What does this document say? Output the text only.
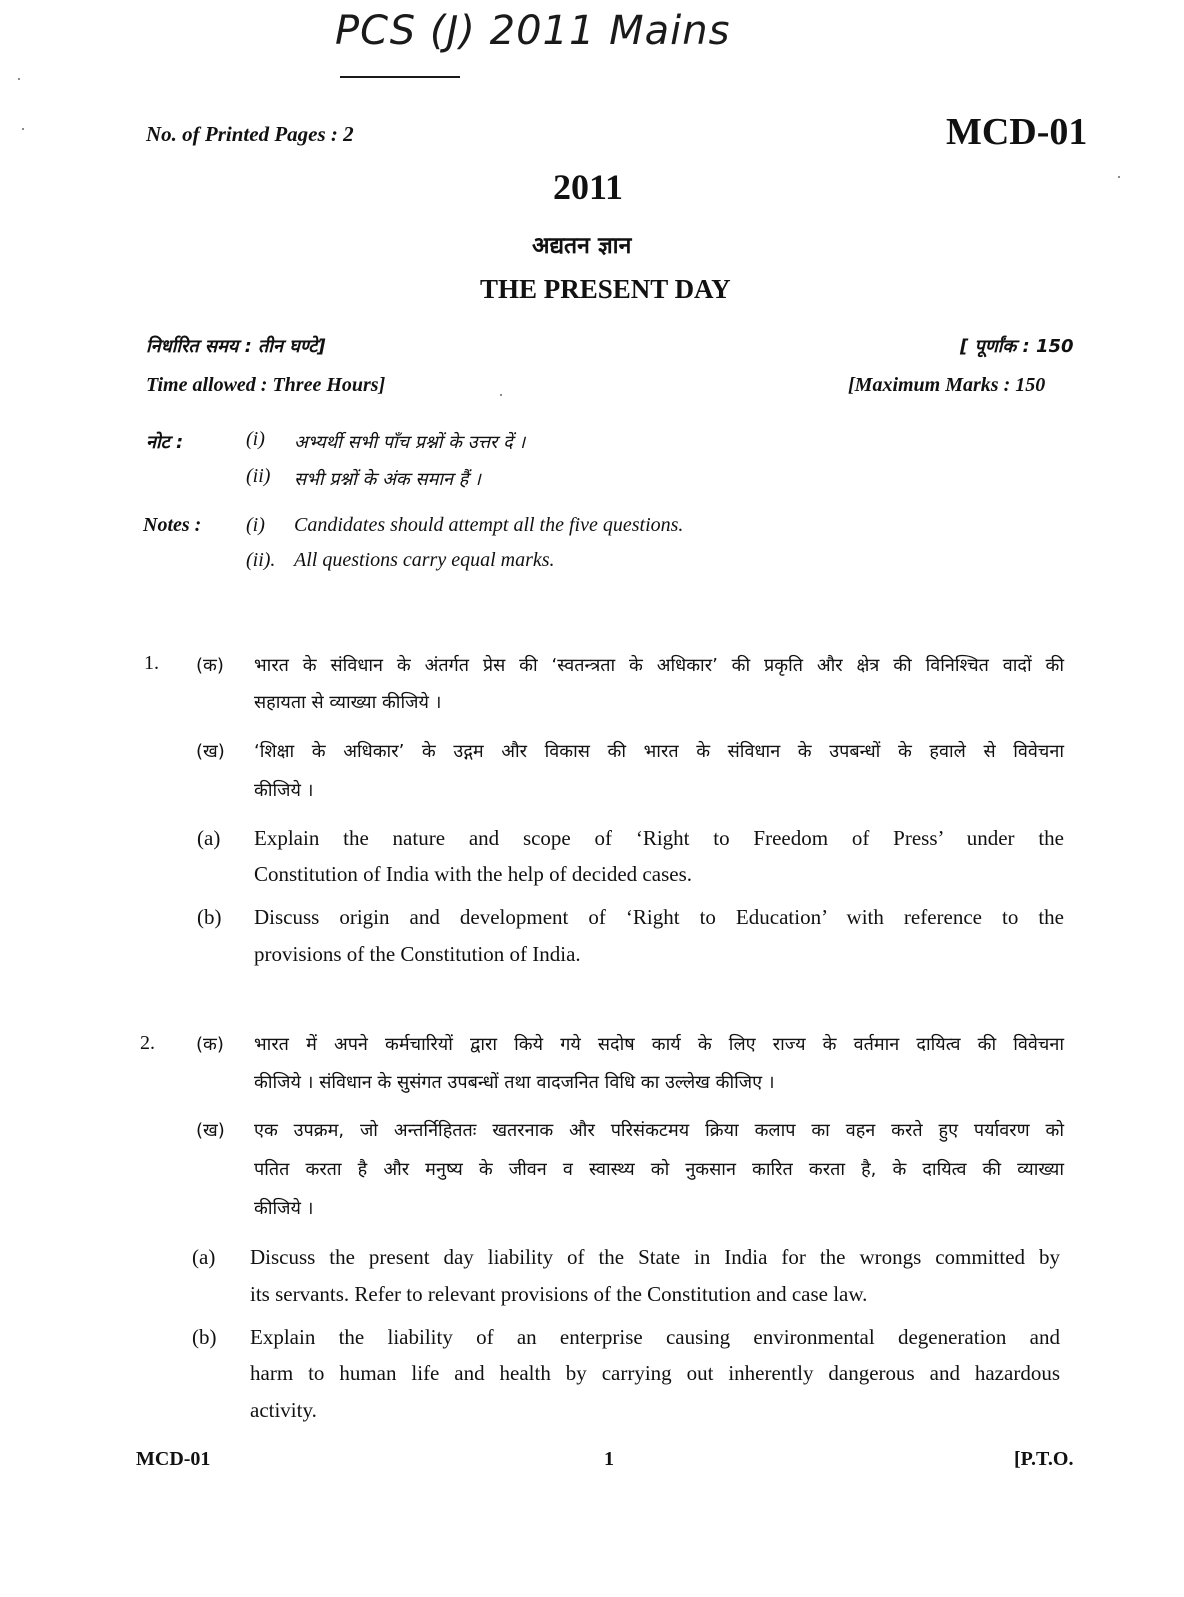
PCS (J) 2011 Mains
No. of Printed Pages : 2	MCD-01
2011
अद्यतन ज्ञान
THE PRESENT DAY
निर्धारित समय : तीन घण्टे]	[ पूर्णांक : 150
Time allowed : Three Hours]	[Maximum Marks : 150
नोट :	(i) अभ्यर्थी सभी पाँच प्रश्नों के उत्तर दें ।
(ii) सभी प्रश्नों के अंक समान हैं ।
Notes : (i) Candidates should attempt all the five questions.
(ii). All questions carry equal marks.
1. (क) भारत के संविधान के अंतर्गत प्रेस की ‘स्वतन्त्रता के अधिकार’ की प्रकृति और क्षेत्र की विनिश्चित वादों की
सहायता से व्याख्या कीजिये ।
(ख) ‘शिक्षा के अधिकार’ के उद्गम और विकास की भारत के संविधान के उपबन्धों के हवाले से विवेचना
कीजिये ।
(a) Explain the nature and scope of ‘Right to Freedom of Press’ under the
Constitution of India with the help of decided cases.
(b) Discuss origin and development of ‘Right to Education’ with reference to the
provisions of the Constitution of India.
2. (क) भारत में अपने कर्मचारियों द्वारा किये गये सदोष कार्य के लिए राज्य के वर्तमान दायित्व की विवेचना
कीजिये । संविधान के सुसंगत उपबन्धों तथा वादजनित विधि का उल्लेख कीजिए ।
(ख) एक उपक्रम, जो अन्तर्निहिततः खतरनाक और परिसंकटमय क्रिया कलाप का वहन करते हुए पर्यावरण को
पतित करता है और मनुष्य के जीवन व स्वास्थ्य को नुकसान कारित करता है, के दायित्व की व्याख्या
कीजिये ।
(a) Discuss the present day liability of the State in India for the wrongs committed by
its servants. Refer to relevant provisions of the Constitution and case law.
(b) Explain the liability of an enterprise causing environmental degeneration and
harm to human life and health by carrying out inherently dangerous and hazardous
activity.
MCD-01	1	[P.T.O.
